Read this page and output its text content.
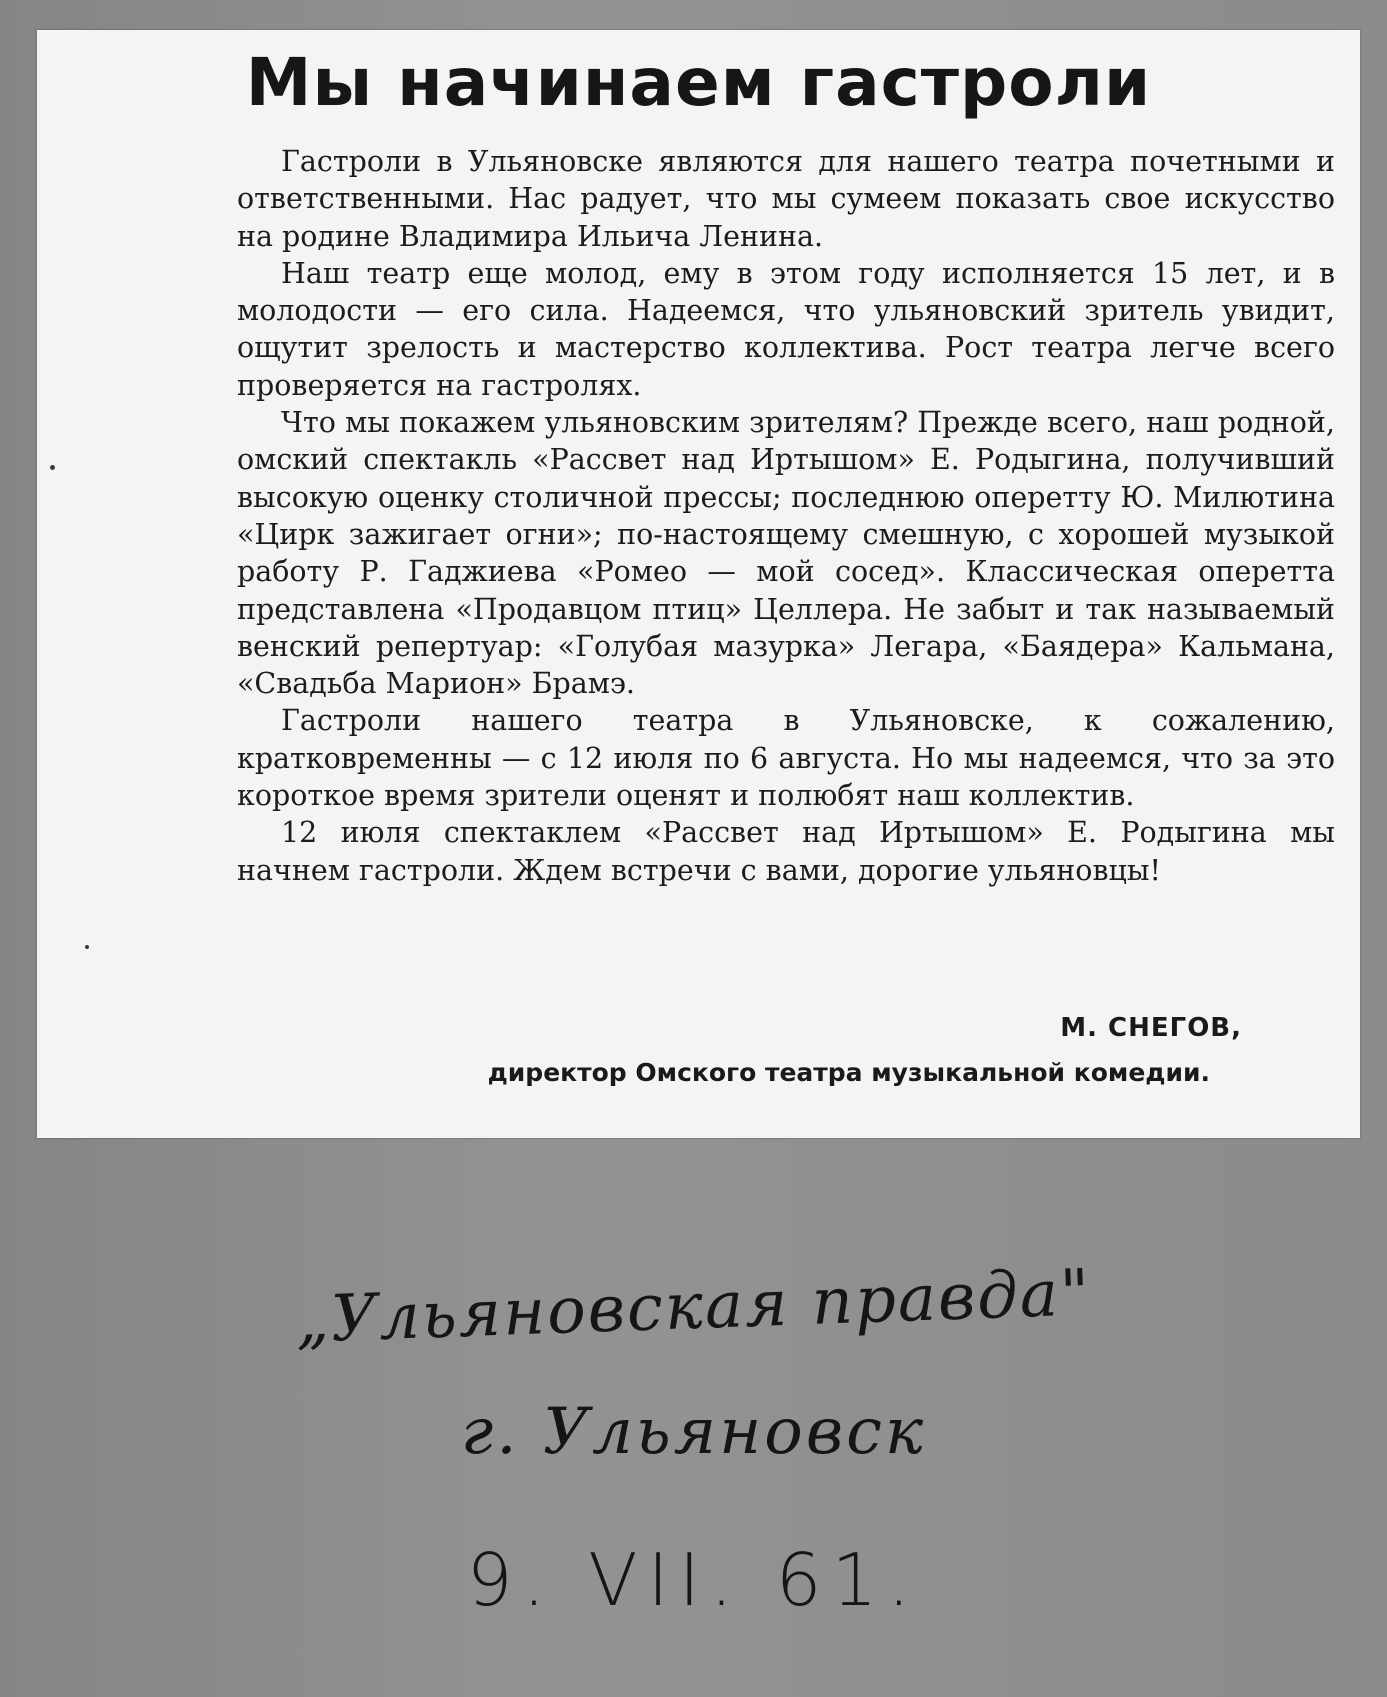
Мы начинаем гастроли

Гастроли в Ульяновске являются для нашего театра почетными и ответственными. Нас радует, что мы сумеем показать свое искусство на родине Владимира Ильича Ленина.

Наш театр еще молод, ему в этом году исполняется 15 лет, и в молодости — его сила. Надеемся, что ульяновский зритель увидит, ощутит зрелость и мастерство коллектива. Рост театра легче всего проверяется на гастролях.

Что мы покажем ульяновским зрителям? Прежде всего, наш родной, омский спектакль «Рассвет над Иртышом» Е. Родыгина, получивший высокую оценку столичной прессы; последнюю оперетту Ю. Милютина «Цирк зажигает огни»; по-настоящему смешную, с хорошей музыкой работу Р. Гаджиева «Ромео — мой сосед». Классическая оперетта представлена «Продавцом птиц» Целлера. Не забыт и так называемый венский репертуар: «Голубая мазурка» Легара, «Баядера» Кальмана, «Свадьба Марион» Брамэ.

Гастроли нашего театра в Ульяновске, к сожалению, кратковременны — с 12 июля по 6 августа. Но мы надеемся, что за это короткое время зрители оценят и полюбят наш коллектив.

12 июля спектаклем «Рассвет над Иртышом» Е. Родыгина мы начнем гастроли. Ждем встречи с вами, дорогие ульяновцы!

М. СНЕГОВ,
директор Омского театра музыкальной комедии.
„Ульяновская правда"
г. Ульяновск
9. VII. 61.
